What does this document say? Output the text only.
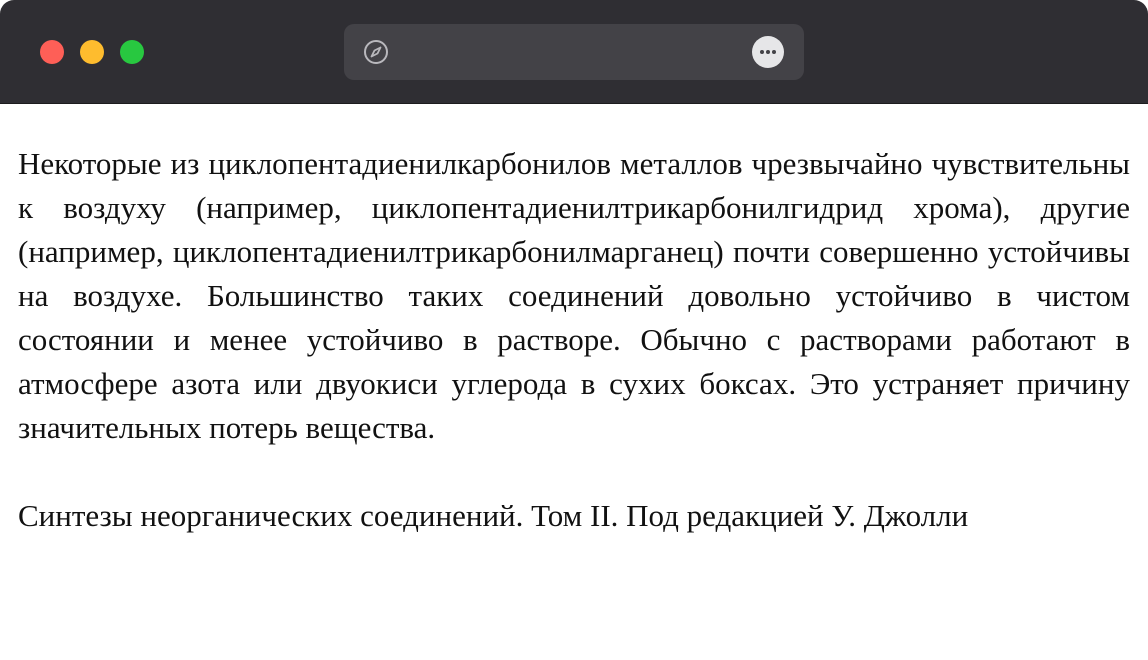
Некоторые из циклопентадиенилкарбонилов металлов чрезвычайно чувствительны к воздуху (например, циклопентадиенилтрикарбонилгидрид хрома), другие (например, циклопентадиенилтрикарбонилмарганец) почти совершенно устойчивы на воздухе. Большинство таких соединений довольно устойчиво в чистом состоянии и менее устойчиво в растворе. Обычно с растворами работают в атмосфере азота или двуокиси углерода в сухих боксах. Это устраняет причину значительных потерь вещества.

Синтезы неорганических соединений. Том II. Под редакцией У. Джолли
